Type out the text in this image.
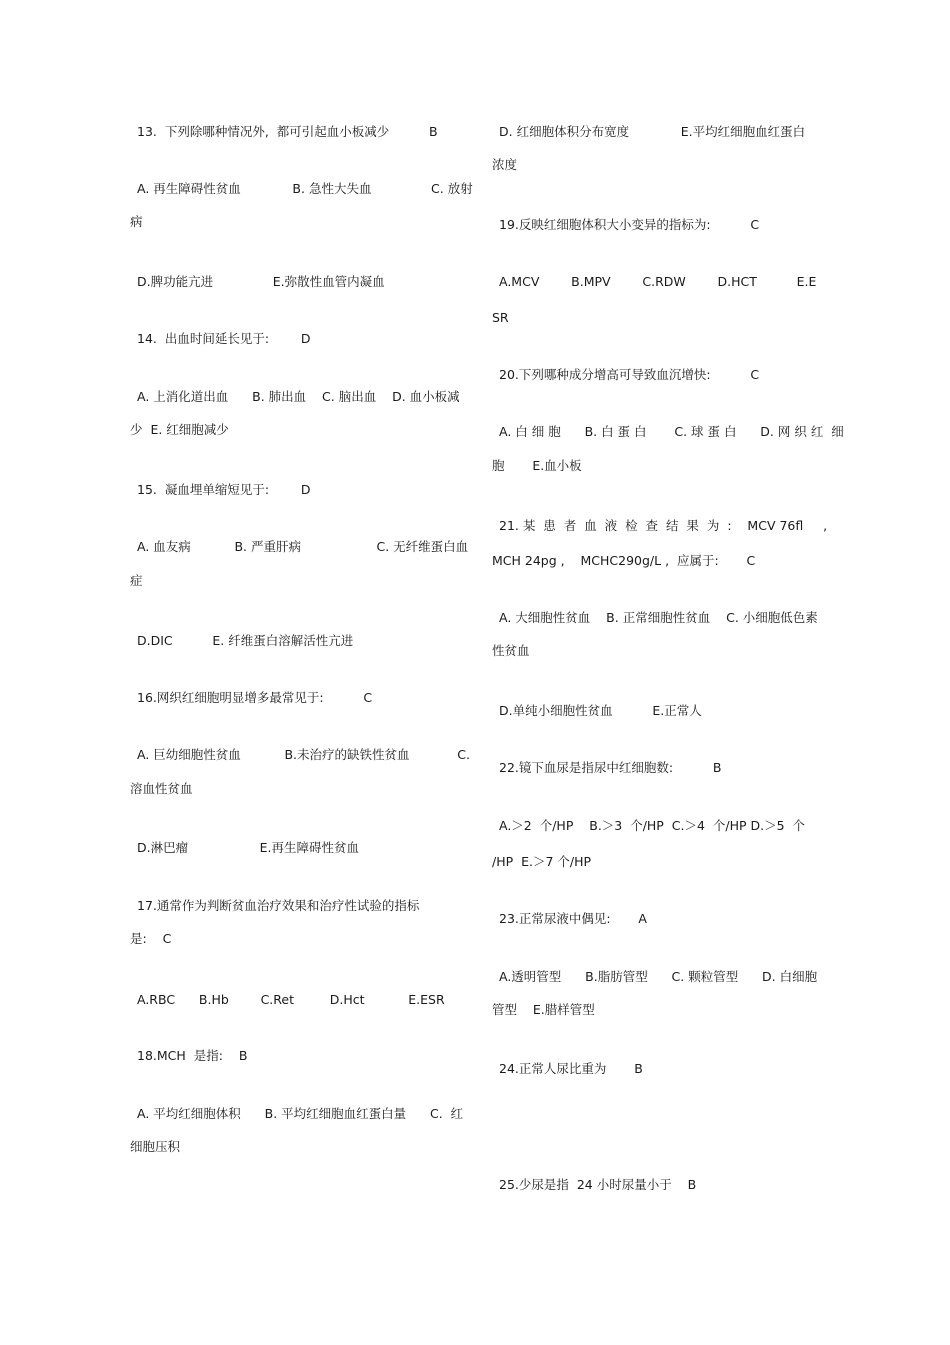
13.  下列除哪种情况外,  都可引起血小板减少          B
A. 再生障碍性贫血             B. 急性大失血               C. 放射
病
D.脾功能亢进               E.弥散性血管内凝血
14.  出血时间延长见于:        D
A. 上消化道出血      B. 肺出血    C. 脑出血    D. 血小板减
少  E. 红细胞减少
15.  凝血埋单缩短见于:        D
A. 血友病           B. 严重肝病                   C. 无纤维蛋白血
症
D.DIC          E. 纤维蛋白溶解活性亢进
16.网织红细胞明显增多最常见于:          C
A. 巨幼细胞性贫血           B.未治疗的缺铁性贫血            C.
溶血性贫血
D.淋巴瘤                  E.再生障碍性贫血
17.通常作为判断贫血治疗效果和治疗性试验的指标
是:    C
A.RBC      B.Hb        C.Ret         D.Hct           E.ESR
18.MCH  是指:    B
A. 平均红细胞体积      B. 平均红细胞血红蛋白量      C.  红
细胞压积
D. 红细胞体积分布宽度             E.平均红细胞血红蛋白
浓度
19.反映红细胞体积大小变异的指标为:          C
A.MCV        B.MPV        C.RDW        D.HCT          E.E
SR
20.下列哪种成分增高可导致血沉增快:          C
A. 白 细 胞      B. 白 蛋 白       C. 球 蛋 白      D. 网 织 红  细
胞       E.血小板
21. 某  患  者  血  液  检  查  结  果  为  :    MCV 76fl     ,
MCH 24pg ,    MCHC290g/L ,  应属于:       C
A. 大细胞性贫血    B. 正常细胞性贫血    C. 小细胞低色素
性贫血
D.单纯小细胞性贫血          E.正常人
22.镜下血尿是指尿中红细胞数:          B
A.＞2  个/HP    B.＞3  个/HP  C.＞4  个/HP D.＞5  个
/HP  E.＞7 个/HP
23.正常尿液中偶见:       A
A.透明管型      B.脂肪管型      C. 颗粒管型      D. 白细胞
管型    E.腊样管型
24.正常人尿比重为       B
25.少尿是指  24 小时尿量小于    B
